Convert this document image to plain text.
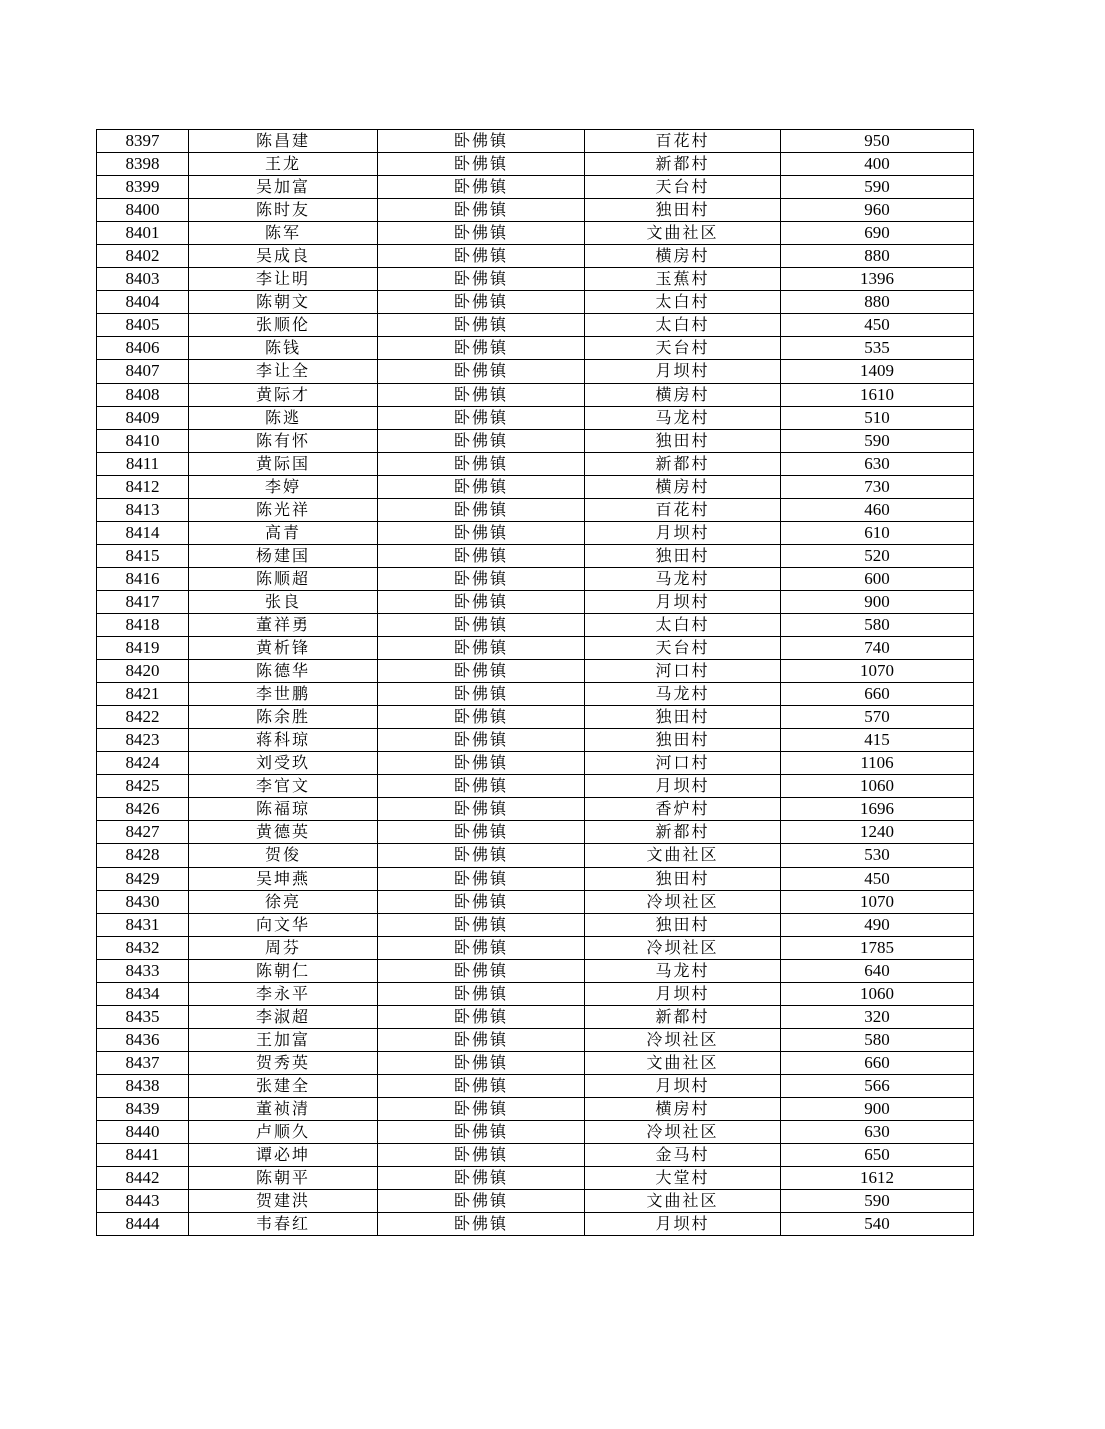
8397	陈昌建	卧佛镇	百花村	950
8398	王龙	卧佛镇	新都村	400
8399	吴加富	卧佛镇	天台村	590
8400	陈时友	卧佛镇	独田村	960
8401	陈军	卧佛镇	文曲社区	690
8402	吴成良	卧佛镇	横房村	880
8403	李让明	卧佛镇	玉蕉村	1396
8404	陈朝文	卧佛镇	太白村	880
8405	张顺伦	卧佛镇	太白村	450
8406	陈钱	卧佛镇	天台村	535
8407	李让全	卧佛镇	月坝村	1409
8408	黄际才	卧佛镇	横房村	1610
8409	陈逃	卧佛镇	马龙村	510
8410	陈有怀	卧佛镇	独田村	590
8411	黄际国	卧佛镇	新都村	630
8412	李婷	卧佛镇	横房村	730
8413	陈光祥	卧佛镇	百花村	460
8414	高青	卧佛镇	月坝村	610
8415	杨建国	卧佛镇	独田村	520
8416	陈顺超	卧佛镇	马龙村	600
8417	张良	卧佛镇	月坝村	900
8418	董祥勇	卧佛镇	太白村	580
8419	黄析锋	卧佛镇	天台村	740
8420	陈德华	卧佛镇	河口村	1070
8421	李世鹏	卧佛镇	马龙村	660
8422	陈余胜	卧佛镇	独田村	570
8423	蒋科琼	卧佛镇	独田村	415
8424	刘受玖	卧佛镇	河口村	1106
8425	李官文	卧佛镇	月坝村	1060
8426	陈福琼	卧佛镇	香炉村	1696
8427	黄德英	卧佛镇	新都村	1240
8428	贺俊	卧佛镇	文曲社区	530
8429	吴坤燕	卧佛镇	独田村	450
8430	徐亮	卧佛镇	冷坝社区	1070
8431	向文华	卧佛镇	独田村	490
8432	周芬	卧佛镇	冷坝社区	1785
8433	陈朝仁	卧佛镇	马龙村	640
8434	李永平	卧佛镇	月坝村	1060
8435	李淑超	卧佛镇	新都村	320
8436	王加富	卧佛镇	冷坝社区	580
8437	贺秀英	卧佛镇	文曲社区	660
8438	张建全	卧佛镇	月坝村	566
8439	董祯清	卧佛镇	横房村	900
8440	卢顺久	卧佛镇	冷坝社区	630
8441	谭必坤	卧佛镇	金马村	650
8442	陈朝平	卧佛镇	大堂村	1612
8443	贺建洪	卧佛镇	文曲社区	590
8444	韦春红	卧佛镇	月坝村	540
